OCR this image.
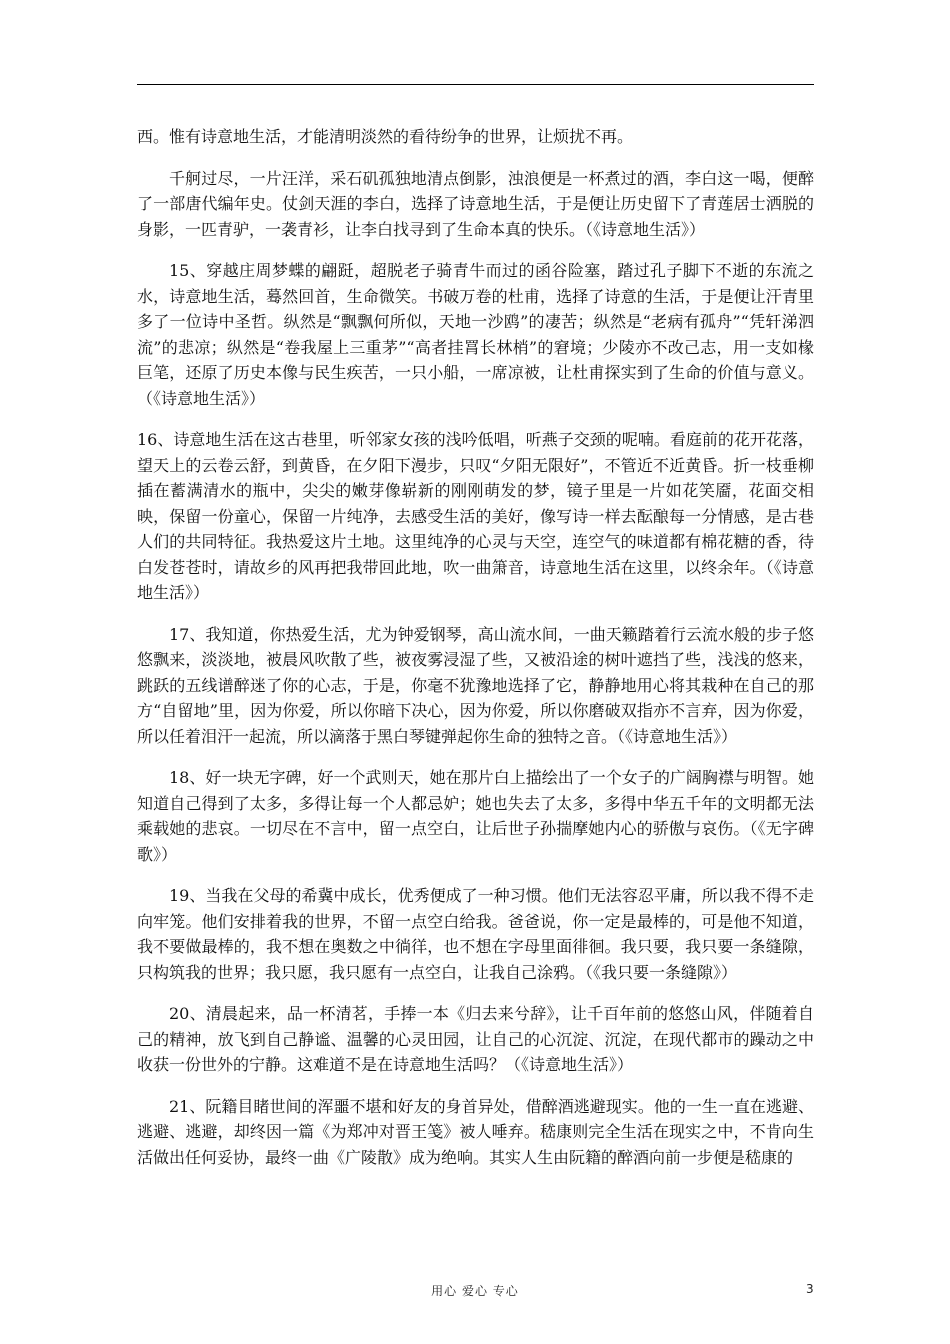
西。惟有诗意地生活，才能清明淡然的看待纷争的世界，让烦扰不再。

千舸过尽，一片汪洋，采石矶孤独地清点倒影，浊浪便是一杯煮过的酒，李白这一喝，便醉了一部唐代编年史。仗剑天涯的李白，选择了诗意地生活，于是便让历史留下了青莲居士洒脱的身影，一匹青驴，一袭青衫，让李白找寻到了生命本真的快乐。（《诗意地生活》）

15、穿越庄周梦蝶的翩跹，超脱老子骑青牛而过的函谷险塞，踏过孔子脚下不逝的东流之水，诗意地生活，蓦然回首，生命微笑。书破万卷的杜甫，选择了诗意的生活，于是便让汗青里多了一位诗中圣哲。纵然是“飘飘何所似，天地一沙鸥”的凄苦；纵然是“老病有孤舟”“凭轩涕泗流”的悲凉；纵然是“卷我屋上三重茅”“高者挂罥长林梢”的窘境；少陵亦不改己志，用一支如椽巨笔，还原了历史本像与民生疾苦，一只小船，一席凉被，让杜甫探实到了生命的价值与意义。（《诗意地生活》）

16、诗意地生活在这古巷里，听邻家女孩的浅吟低唱，听燕子交颈的呢喃。看庭前的花开花落，望天上的云卷云舒，到黄昏，在夕阳下漫步，只叹“夕阳无限好”，不管近不近黄昏。折一枝垂柳插在蓄满清水的瓶中，尖尖的嫩芽像崭新的刚刚萌发的梦，镜子里是一片如花笑靥，花面交相映，保留一份童心，保留一片纯净，去感受生活的美好，像写诗一样去酝酿每一分情感，是古巷人们的共同特征。我热爱这片土地。这里纯净的心灵与天空，连空气的味道都有棉花糖的香，待白发苍苍时，请故乡的风再把我带回此地，吹一曲箫音，诗意地生活在这里，以终余年。（《诗意地生活》）

17、我知道，你热爱生活，尤为钟爱钢琴，高山流水间，一曲天籁踏着行云流水般的步子悠悠飘来，淡淡地，被晨风吹散了些，被夜雾浸湿了些，又被沿途的树叶遮挡了些，浅浅的悠来，跳跃的五线谱醉迷了你的心志，于是，你毫不犹豫地选择了它，静静地用心将其栽种在自己的那方“自留地”里，因为你爱，所以你暗下决心，因为你爱，所以你磨破双指亦不言弃，因为你爱，所以任着泪汗一起流，所以滴落于黑白琴键弹起你生命的独特之音。（《诗意地生活》）

18、好一块无字碑，好一个武则天，她在那片白上描绘出了一个女子的广阔胸襟与明智。她知道自己得到了太多，多得让每一个人都忌妒；她也失去了太多，多得中华五千年的文明都无法乘载她的悲哀。一切尽在不言中，留一点空白，让后世子孙揣摩她内心的骄傲与哀伤。（《无字碑歌》）

19、当我在父母的希冀中成长，优秀便成了一种习惯。他们无法容忍平庸，所以我不得不走向牢笼。他们安排着我的世界，不留一点空白给我。爸爸说，你一定是最棒的，可是他不知道，我不要做最棒的，我不想在奥数之中徜徉，也不想在字母里面徘徊。我只要，我只要一条缝隙，只构筑我的世界；我只愿，我只愿有一点空白，让我自己涂鸦。（《我只要一条缝隙》）

20、清晨起来，品一杯清茗，手捧一本《归去来兮辞》，让千百年前的悠悠山风，伴随着自己的精神，放飞到自己静谧、温馨的心灵田园，让自己的心沉淀、沉淀，在现代都市的躁动之中收获一份世外的宁静。这难道不是在诗意地生活吗？（《诗意地生活》）

21、阮籍目睹世间的浑噩不堪和好友的身首异处，借醉酒逃避现实。他的一生一直在逃避、逃避、逃避，却终因一篇《为郑冲对晋王笺》被人唾弃。嵇康则完全生活在现实之中，不肯向生活做出任何妥协，最终一曲《广陵散》成为绝响。其实人生由阮籍的醉酒向前一步便是嵇康的

用心 爱心 专心	3
